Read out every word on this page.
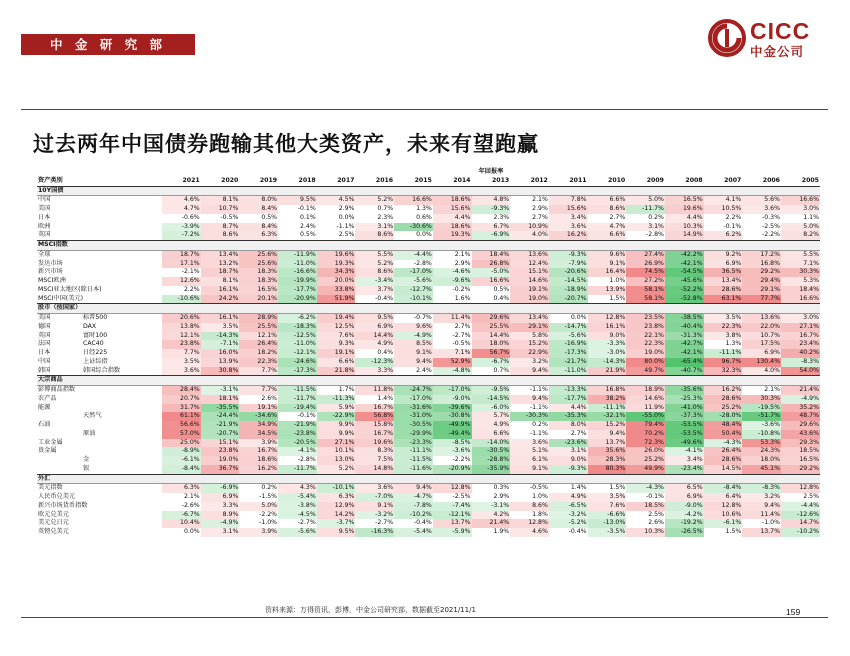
中 金 研 究 部
CICC
中金公司
过去两年中国债券跑输其他大类资产，未来有望跑赢
		年回报率																
资产类别		2021	2020	2019	2018	2017	2016	2015	2014	2013	2012	2011	2010	2009	2008	2007	2006	2005
10Y国债																		
中国		4.6%	8.1%	8.0%	9.5%	4.5%	5.2%	16.6%	18.6%	4.8%	2.1%	7.8%	6.6%	5.0%	16.5%	4.1%	5.6%	16.6%
美国		4.7%	10.7%	8.4%	-0.1%	2.9%	0.7%	1.3%	15.6%	-9.3%	2.9%	15.6%	8.6%	-11.7%	19.6%	10.5%	3.6%	3.0%
日本		-0.6%	-0.5%	0.5%	0.1%	0.0%	2.3%	0.6%	4.4%	2.3%	2.7%	3.4%	2.7%	0.2%	4.4%	2.2%	-0.3%	1.1%
欧洲		-3.9%	8.7%	8.4%	2.4%	-1.1%	3.1%	-30.6%	18.6%	6.7%	10.9%	3.6%	4.7%	3.1%	10.3%	-0.1%	-2.5%	5.0%
英国		-7.2%	8.6%	6.3%	0.5%	2.5%	8.6%	0.0%	19.3%	-6.9%	4.0%	16.2%	6.6%	-2.8%	14.9%	6.2%	-2.2%	8.2%
MSCI指数																		
全球		18.7%	13.4%	25.6%	-11.9%	19.6%	5.5%	-4.4%	2.1%	18.4%	13.6%	-9.3%	9.6%	27.4%	-42.2%	9.2%	17.2%	5.5%
发达市场		17.1%	13.2%	25.6%	-11.0%	19.3%	5.2%	-2.8%	2.9%	26.8%	12.4%	-7.9%	9.1%	26.9%	-42.1%	6.9%	16.8%	7.1%
新兴市场		-2.1%	18.7%	18.3%	-16.6%	34.3%	8.6%	-17.0%	-4.6%	-5.0%	15.1%	-20.6%	16.4%	74.5%	-54.5%	36.5%	29.2%	30.3%
MSCI欧洲		12.6%	8.1%	18.3%	-19.9%	20.0%	-3.4%	-5.6%	-9.6%	16.6%	14.6%	-14.5%	1.0%	27.2%	-45.6%	13.4%	29.4%	5.3%
MSCI亚太地区(除日本)		2.2%	16.1%	16.5%	-17.7%	33.8%	3.7%	-12.7%	-0.2%	0.5%	19.1%	-18.9%	13.9%	58.1%	-52.2%	28.6%	29.1%	18.4%
MSCI中国(美元)		-10.6%	24.2%	20.1%	-20.9%	51.9%	-0.4%	-10.1%	1.6%	0.4%	19.0%	-20.7%	1.5%	58.1%	-52.8%	63.1%	77.7%	16.6%
股市（按国家）																		
美国	标普500	20.6%	16.1%	28.9%	-6.2%	19.4%	9.5%	-0.7%	11.4%	29.6%	13.4%	0.0%	12.8%	23.5%	-38.5%	3.5%	13.6%	3.0%
德国	DAX	13.8%	3.5%	25.5%	-18.3%	12.5%	6.9%	9.6%	2.7%	25.5%	29.1%	-14.7%	16.1%	23.8%	-40.4%	22.3%	22.0%	27.1%
英国	富时100	12.1%	-14.3%	12.1%	-12.5%	7.6%	14.4%	-4.9%	-2.7%	14.4%	5.8%	-5.6%	9.0%	22.1%	-31.3%	3.8%	10.7%	16.7%
法国	CAC40	23.8%	-7.1%	26.4%	-11.0%	9.3%	4.9%	8.5%	-0.5%	18.0%	15.2%	-16.9%	-3.3%	22.3%	-42.7%	1.3%	17.5%	23.4%
日本	日经225	7.7%	16.0%	18.2%	-12.1%	19.1%	0.4%	9.1%	7.1%	56.7%	22.9%	-17.3%	-3.0%	19.0%	-42.1%	-11.1%	6.9%	40.2%
中国	上证综指	3.5%	13.9%	22.3%	-24.6%	6.6%	-12.3%	9.4%	52.9%	-6.7%	3.2%	-21.7%	-14.3%	80.0%	-65.4%	96.7%	130.4%	-8.3%
韩国	韩国综合指数	3.6%	30.8%	7.7%	-17.3%	21.8%	3.3%	2.4%	-4.8%	0.7%	9.4%	-11.0%	21.9%	49.7%	-40.7%	32.3%	4.0%	54.0%
大宗商品																		
彭博商品指数		28.4%	-3.1%	7.7%	-11.5%	1.7%	11.8%	-24.7%	-17.0%	-9.5%	-1.1%	-13.3%	16.8%	18.9%	-35.6%	16.2%	2.1%	21.4%
农产品		20.7%	18.1%	2.6%	-11.7%	-11.3%	1.4%	-17.0%	-9.0%	-14.5%	9.4%	-17.7%	38.2%	14.6%	-25.3%	28.6%	30.3%	-4.9%
能源		31.7%	-35.5%	19.1%	-19.4%	5.9%	16.7%	-31.6%	-39.6%	-6.0%	-1.1%	4.4%	-11.1%	11.9%	-41.0%	25.2%	-19.5%	35.2%
	天然气	61.1%	-24.4%	-34.6%	-0.1%	-22.9%	56.8%	-31.0%	-30.8%	5.7%	-30.3%	-35.3%	-32.1%	-55.0%	-37.3%	-28.0%	-51.7%	48.7%
石油		56.6%	-21.9%	34.9%	-21.9%	9.9%	15.8%	-30.5%	-49.9%	4.9%	0.2%	8.0%	15.2%	79.4%	-53.5%	48.4%	-3.6%	29.6%
	原油	57.0%	-20.7%	34.5%	-23.8%	9.9%	16.7%	-29.9%	-49.4%	6.6%	-1.1%	2.7%	9.4%	70.2%	-53.5%	50.4%	-10.8%	43.6%
工业金属		25.0%	15.1%	3.9%	-20.5%	27.1%	19.6%	-23.3%	-8.5%	-14.0%	3.6%	-23.6%	13.7%	72.3%	-49.6%	-4.3%	53.3%	29.3%
贵金属		-8.9%	23.8%	16.7%	-4.1%	10.1%	8.3%	-11.1%	-3.6%	-30.5%	5.1%	3.1%	35.6%	26.0%	-4.1%	26.4%	24.3%	18.5%
	金	-6.1%	19.0%	18.6%	-2.8%	13.0%	7.5%	-11.5%	-2.2%	-28.8%	6.1%	9.0%	28.3%	25.2%	3.4%	28.6%	18.0%	16.5%
	银	-8.4%	36.7%	16.2%	-11.7%	5.2%	14.8%	-11.6%	-20.9%	-35.9%	9.1%	-9.3%	80.3%	49.9%	-23.4%	14.5%	45.1%	29.2%
外汇																		
美元指数		6.3%	-6.9%	0.2%	4.3%	-10.1%	3.6%	9.4%	12.8%	0.3%	-0.5%	1.4%	1.5%	-4.3%	6.5%	-8.4%	-8.3%	12.8%
人民币兑美元		2.1%	6.9%	-1.5%	-5.4%	6.3%	-7.0%	-4.7%	-2.5%	2.9%	1.0%	4.9%	3.5%	-0.1%	6.9%	6.4%	3.2%	2.5%
新兴市场货币指数		-2.6%	3.3%	5.0%	-3.8%	12.9%	9.1%	-7.8%	-7.4%	-3.1%	8.6%	-6.5%	7.6%	18.5%	-9.0%	12.8%	9.4%	-4.4%
欧元兑美元		-6.7%	8.9%	-2.2%	-4.5%	14.2%	-3.2%	-10.2%	-12.1%	4.2%	1.8%	-3.2%	-6.6%	2.5%	-4.2%	10.6%	11.4%	-12.6%
美元兑日元		10.4%	-4.9%	-1.0%	-2.7%	-3.7%	-2.7%	-0.4%	13.7%	21.4%	12.8%	-5.2%	-13.0%	2.6%	-19.2%	-6.1%	-1.0%	14.7%
英镑兑美元		0.0%	3.1%	3.9%	-5.6%	9.5%	-16.3%	-5.4%	-5.9%	1.9%	4.6%	-0.4%	-3.5%	10.3%	-26.5%	1.5%	13.7%	-10.2%
资料来源：万得资讯，彭博，中金公司研究部，数据截至2021/11/1	159
